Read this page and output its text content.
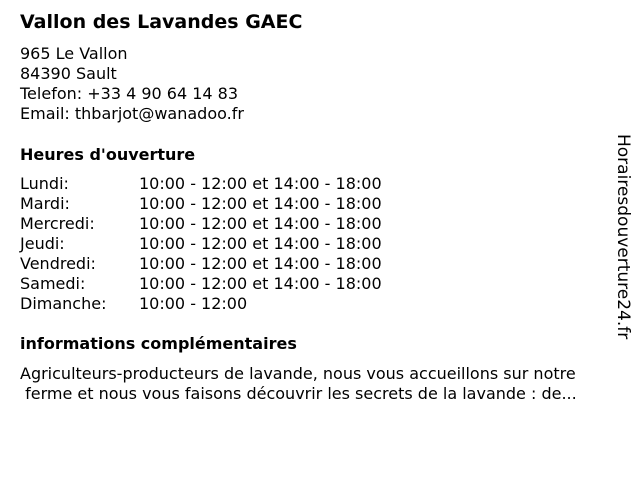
Vallon des Lavandes GAEC
965 Le Vallon
84390 Sault
Telefon: +33 4 90 64 14 83
Email: thbarjot@wanadoo.fr
Heures d'ouverture
Lundi:	10:00 - 12:00 et 14:00 - 18:00
Mardi:	10:00 - 12:00 et 14:00 - 18:00
Mercredi:	10:00 - 12:00 et 14:00 - 18:00
Jeudi:	10:00 - 12:00 et 14:00 - 18:00
Vendredi:	10:00 - 12:00 et 14:00 - 18:00
Samedi:	10:00 - 12:00 et 14:00 - 18:00
Dimanche: 10:00 - 12:00
informations complémentaires
Agriculteurs-producteurs de lavande, nous vous accueillons sur notre
ferme et nous vous faisons découvrir les secrets de la lavande : de...
Horairesdouverture24.fr
